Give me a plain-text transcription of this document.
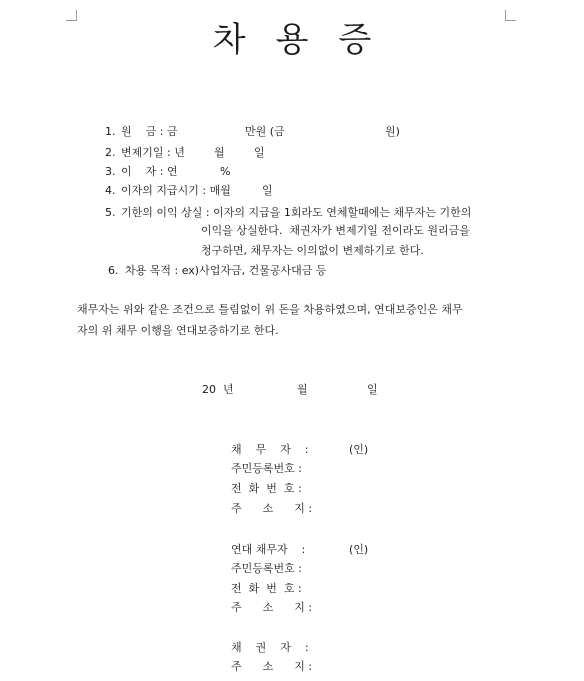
차 용 증
1. 원    금 : 금	만원 (금	원)
2. 변제기일 : 년	월	일
3. 이    자 : 연	%
4. 이자의 지급시기 : 매월	일
5. 기한의 이익 상실 : 이자의 지급을 1회라도 연체할때에는 채무자는 기한의
이익을 상실한다.  채권자가 변제기일 전이라도 원리금을
청구하면, 채무자는 이의없이 변제하기로 한다.
6. 차용 목적 : ex)사업자금, 건물공사대금 등
채무자는 위와 같은 조건으로 틀림없이 위 돈을 차용하였으며, 연대보증인은 채무
자의 위 채무 이행을 연대보증하기로 한다.
20  년	월	일
채    무    자    :	(인)
주민등록번호 :
전  화  번  호 :
주      소      지 :
연대 채무자    :	(인)
주민등록번호 :
전  화  번  호 :
주      소      지 :
채    권    자    :
주      소      지 :
